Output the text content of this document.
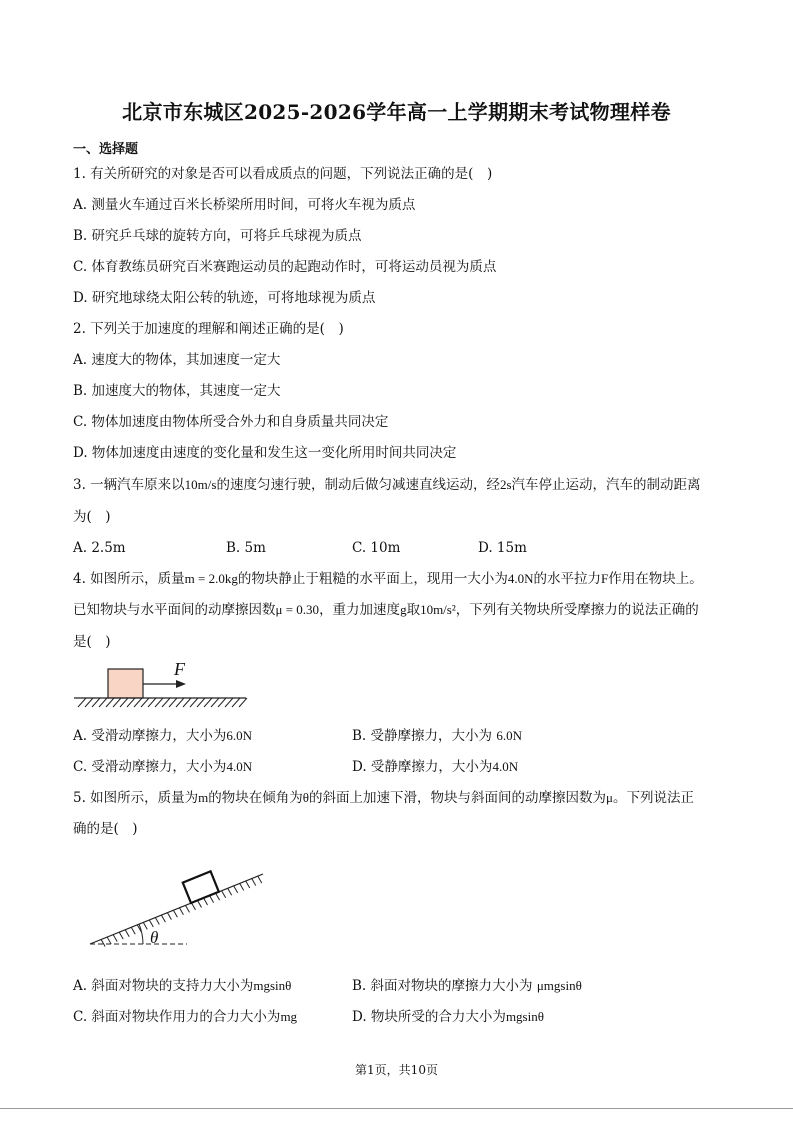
北京市东城区2025-2026学年高一上学期期末考试物理样卷
一、选择题
1. 有关所研究的对象是否可以看成质点的问题，下列说法正确的是(　)
A. 测量火车通过百米长桥梁所用时间，可将火车视为质点
B. 研究乒乓球的旋转方向，可将乒乓球视为质点
C. 体育教练员研究百米赛跑运动员的起跑动作时，可将运动员视为质点
D. 研究地球绕太阳公转的轨迹，可将地球视为质点
2. 下列关于加速度的理解和阐述正确的是(　)
A. 速度大的物体，其加速度一定大
B. 加速度大的物体，其速度一定大
C. 物体加速度由物体所受合外力和自身质量共同决定
D. 物体加速度由速度的变化量和发生这一变化所用时间共同决定
3. 一辆汽车原来以10m/s的速度匀速行驶，制动后做匀减速直线运动，经2s汽车停止运动，汽车的制动距离
为(　)
A. 2.5m	B. 5m	C. 10m	D. 15m
4. 如图所示，质量m = 2.0kg的物块静止于粗糙的水平面上，现用一大小为4.0N的水平拉力F作用在物块上。
已知物块与水平面间的动摩擦因数μ = 0.30，重力加速度g取10m/s²，下列有关物块所受摩擦力的说法正确的
是(　)
F
A. 受滑动摩擦力，大小为6.0N	B. 受静摩擦力，大小为 6.0N
C. 受滑动摩擦力，大小为4.0N	D. 受静摩擦力，大小为4.0N
5. 如图所示，质量为m的物块在倾角为θ的斜面上加速下滑，物块与斜面间的动摩擦因数为μ。下列说法正
确的是(　)
θ
A. 斜面对物块的支持力大小为mgsinθ	B. 斜面对物块的摩擦力大小为 μmgsinθ
C. 斜面对物块作用力的合力大小为mg	D. 物块所受的合力大小为mgsinθ
第1页，共10页
